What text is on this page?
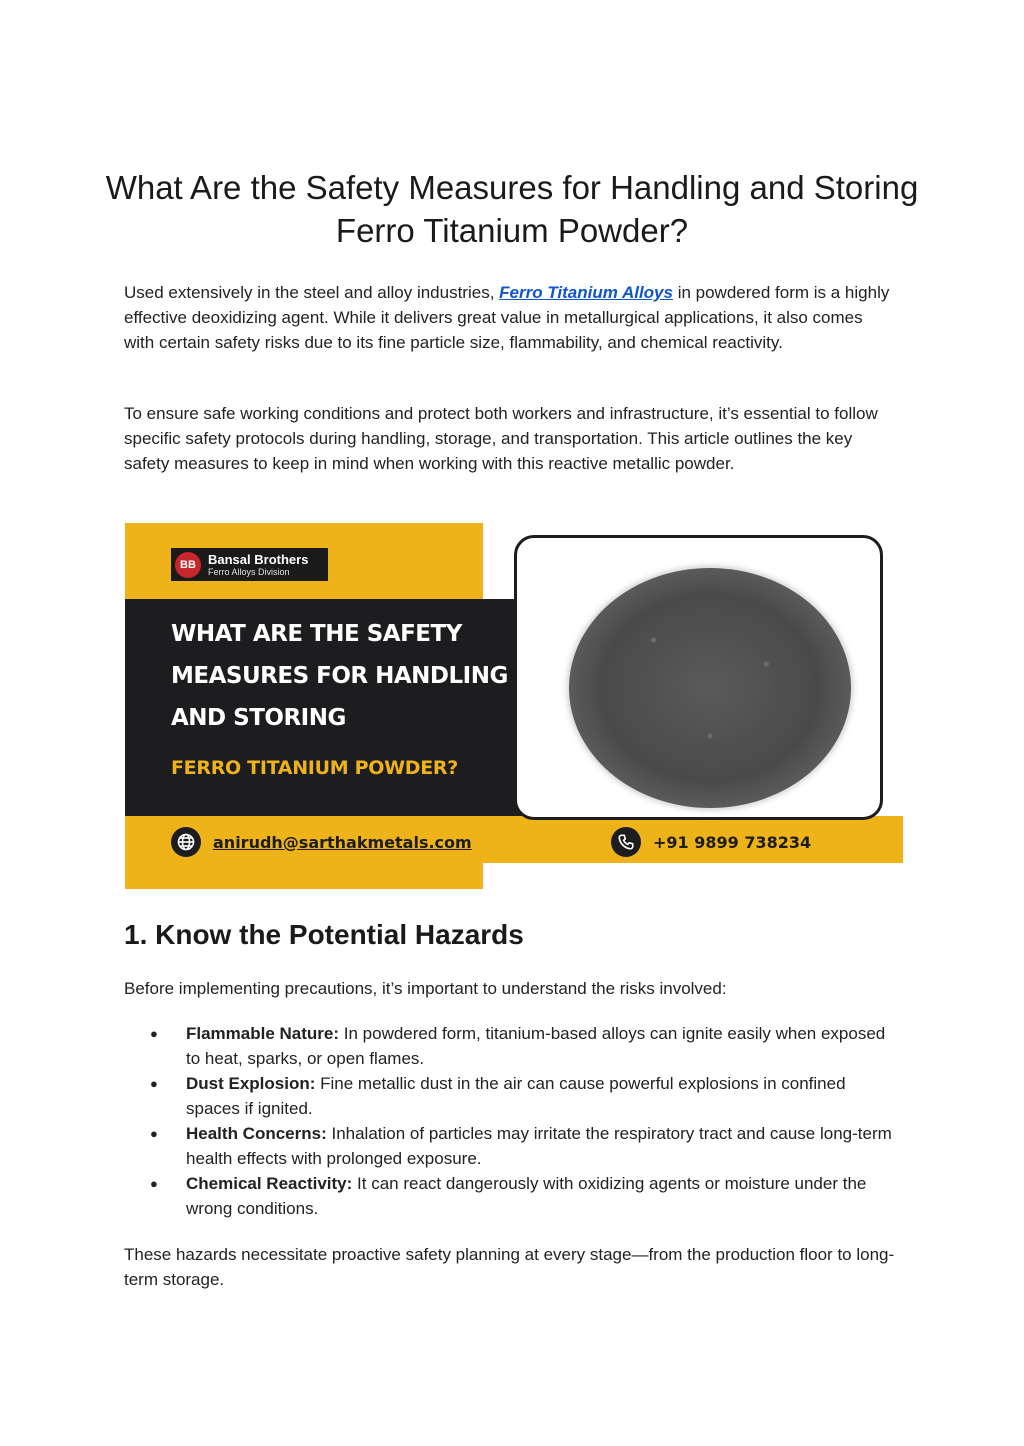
What Are the Safety Measures for Handling and Storing Ferro Titanium Powder?

Used extensively in the steel and alloy industries, Ferro Titanium Alloys in powdered form is a highly effective deoxidizing agent. While it delivers great value in metallurgical applications, it also comes with certain safety risks due to its fine particle size, flammability, and chemical reactivity.

To ensure safe working conditions and protect both workers and infrastructure, it’s essential to follow specific safety protocols during handling, storage, and transportation. This article outlines the key safety measures to keep in mind when working with this reactive metallic powder.

BB Bansal Brothers
Ferro Alloys Division
WHAT ARE THE SAFETY
MEASURES FOR HANDLING
AND STORING

FERRO TITANIUM POWDER?

anirudh@sarthakmetals.com	+91 9899 738234
1. Know the Potential Hazards

Before implementing precautions, it’s important to understand the risks involved:

● Flammable Nature: In powdered form, titanium-based alloys can ignite easily when exposed to heat, sparks, or open flames.
● Dust Explosion: Fine metallic dust in the air can cause powerful explosions in confined spaces if ignited.
● Health Concerns: Inhalation of particles may irritate the respiratory tract and cause long-term health effects with prolonged exposure.
● Chemical Reactivity: It can react dangerously with oxidizing agents or moisture under the wrong conditions.

These hazards necessitate proactive safety planning at every stage—from the production floor to long-term storage.
